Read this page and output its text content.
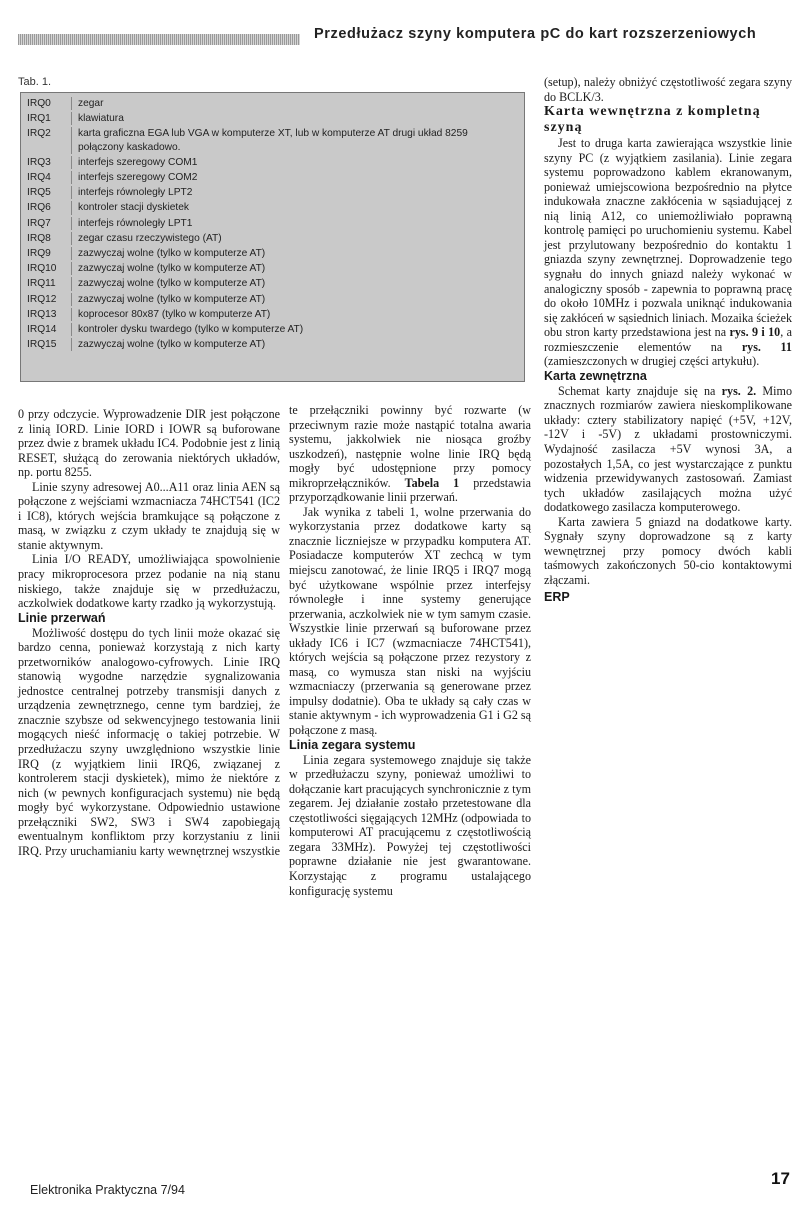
Przedłużacz szyny komputera pC do kart rozszerzeniowych
Tab. 1.
IRQ0	zegar
IRQ1	klawiatura
IRQ2	karta graficzna EGA lub VGA w komputerze XT, lub w komputerze AT drugi układ 8259 połączony kaskadowo.
IRQ3	interfejs szeregowy COM1
IRQ4	interfejs szeregowy COM2
IRQ5	interfejs równoległy LPT2
IRQ6	kontroler stacji dyskietek
IRQ7	interfejs równoległy LPT1
IRQ8	zegar czasu rzeczywistego (AT)
IRQ9	zazwyczaj wolne (tylko w komputerze AT)
IRQ10	zazwyczaj wolne (tylko w komputerze AT)
IRQ11	zazwyczaj wolne (tylko w komputerze AT)
IRQ12	zazwyczaj wolne (tylko w komputerze AT)
IRQ13	koprocesor 80x87 (tylko w komputerze AT)
IRQ14	kontroler dysku twardego (tylko w komputerze AT)
IRQ15	zazwyczaj wolne (tylko w komputerze AT)

0 przy odczycie. Wyprowadzenie DIR jest połączone z linią IORD. Linie IORD i IOWR są buforowane przez dwie z bramek układu IC4. Podobnie jest z linią RESET, służącą do zerowania niektórych układów, np. portu 8255.

Linie szyny adresowej A0...A11 oraz linia AEN są połączone z wejściami wzmacniacza 74HCT541 (IC2 i IC8), których wejścia bramkujące są połączone z masą, w związku z czym układy te znajdują się w stanie aktywnym.

Linia I/O READY, umożliwiająca spowolnienie pracy mikroprocesora przez podanie na nią stanu niskiego, także znajduje się w przedłużaczu, aczkolwiek dodatkowe karty rzadko ją wykorzystują.

Linie przerwań

Możliwość dostępu do tych linii może okazać się bardzo cenna, ponieważ korzystają z nich karty przetworników analogowo-cyfrowych. Linie IRQ stanowią wygodne narzędzie sygnalizowania jednostce centralnej potrzeby transmisji danych z urządzenia zewnętrznego, cenne tym bardziej, że znacznie szybsze od sekwencyjnego testowania linii mogących nieść informację o takiej potrzebie. W przedłużaczu szyny uwzględniono wszystkie linie IRQ (z wyjątkiem linii IRQ6, związanej z kontrolerem stacji dyskietek), mimo że niektóre z nich (w pewnych konfiguracjach systemu) nie będą mogły być wykorzystane. Odpowiednio ustawione przełączniki SW2, SW3 i SW4 zapobiegają ewentualnym konfliktom przy korzystaniu z linii IRQ. Przy uruchamianiu karty wewnętrznej wszystkie

te przełączniki powinny być rozwarte (w przeciwnym razie może nastąpić totalna awaria systemu, jakkolwiek nie niosąca groźby uszkodzeń), następnie wolne linie IRQ będą mogły być udostępnione przy pomocy mikroprzełączników. Tabela 1 przedstawia przyporządkowanie linii przerwań.

Jak wynika z tabeli 1, wolne przerwania do wykorzystania przez dodatkowe karty są znacznie liczniejsze w przypadku komputera AT. Posiadacze komputerów XT zechcą w tym miejscu zanotować, że linie IRQ5 i IRQ7 mogą być użytkowane wspólnie przez interfejsy równoległe i inne systemy generujące przerwania, aczkolwiek nie w tym samym czasie. Wszystkie linie przerwań są buforowane przez układy IC6 i IC7 (wzmacniacze 74HCT541), których wejścia są połączone przez rezystory z masą, co wymusza stan niski na wyjściu wzmacniaczy (przerwania są generowane przez impulsy dodatnie). Oba te układy są cały czas w stanie aktywnym - ich wyprowadzenia G1 i G2 są połączone z masą.

Linia zegara systemu

Linia zegara systemowego znajduje się także w przedłużaczu szyny, ponieważ umożliwi to dołączanie kart pracujących synchronicznie z tym zegarem. Jej działanie zostało przetestowane dla częstotliwości sięgających 12MHz (odpowiada to komputerowi AT pracującemu z częstotliwością zegara 33MHz). Powyżej tej częstotliwości poprawne działanie nie jest gwarantowane. Korzystając z programu ustalającego konfigurację systemu

(setup), należy obniżyć częstotliwość zegara szyny do BCLK/3.

Karta wewnętrzna z kompletną szyną

Jest to druga karta zawierająca wszystkie linie szyny PC (z wyjątkiem zasilania). Linie zegara systemu poprowadzono kablem ekranowanym, ponieważ umiejscowiona bezpośrednio na płytce indukowała znaczne zakłócenia w sąsiadującej z nią linią A12, co uniemożliwiało poprawną kontrolę pamięci po uruchomieniu systemu. Kabel jest przylutowany bezpośrednio do kontaktu 1 gniazda szyny zewnętrznej. Doprowadzenie tego sygnału do innych gniazd należy wykonać w analogiczny sposób - zapewnia to poprawną pracę do około 10MHz i pozwala uniknąć indukowania się zakłóceń w sąsiednich liniach. Mozaika ścieżek obu stron karty przedstawiona jest na rys. 9 i 10, a rozmieszczenie elementów na rys. 11 (zamieszczonych w drugiej części artykułu).

Karta zewnętrzna

Schemat karty znajduje się na rys. 2. Mimo znacznych rozmiarów zawiera nieskomplikowane układy: cztery stabilizatory napięć (+5V, +12V, -12V i -5V) z układami prostowniczymi. Wydajność zasilacza +5V wynosi 3A, a pozostałych 1,5A, co jest wystarczające z punktu widzenia przewidywanych zastosowań. Zamiast tych układów zasilających można użyć dodatkowego zasilacza komputerowego.

Karta zawiera 5 gniazd na dodatkowe karty. Sygnały szyny doprowadzone są z karty wewnętrznej przy pomocy dwóch kabli taśmowych zakończonych 50-cio kontaktowymi złączami.

ERP
Elektronika Praktyczna 7/94
17
